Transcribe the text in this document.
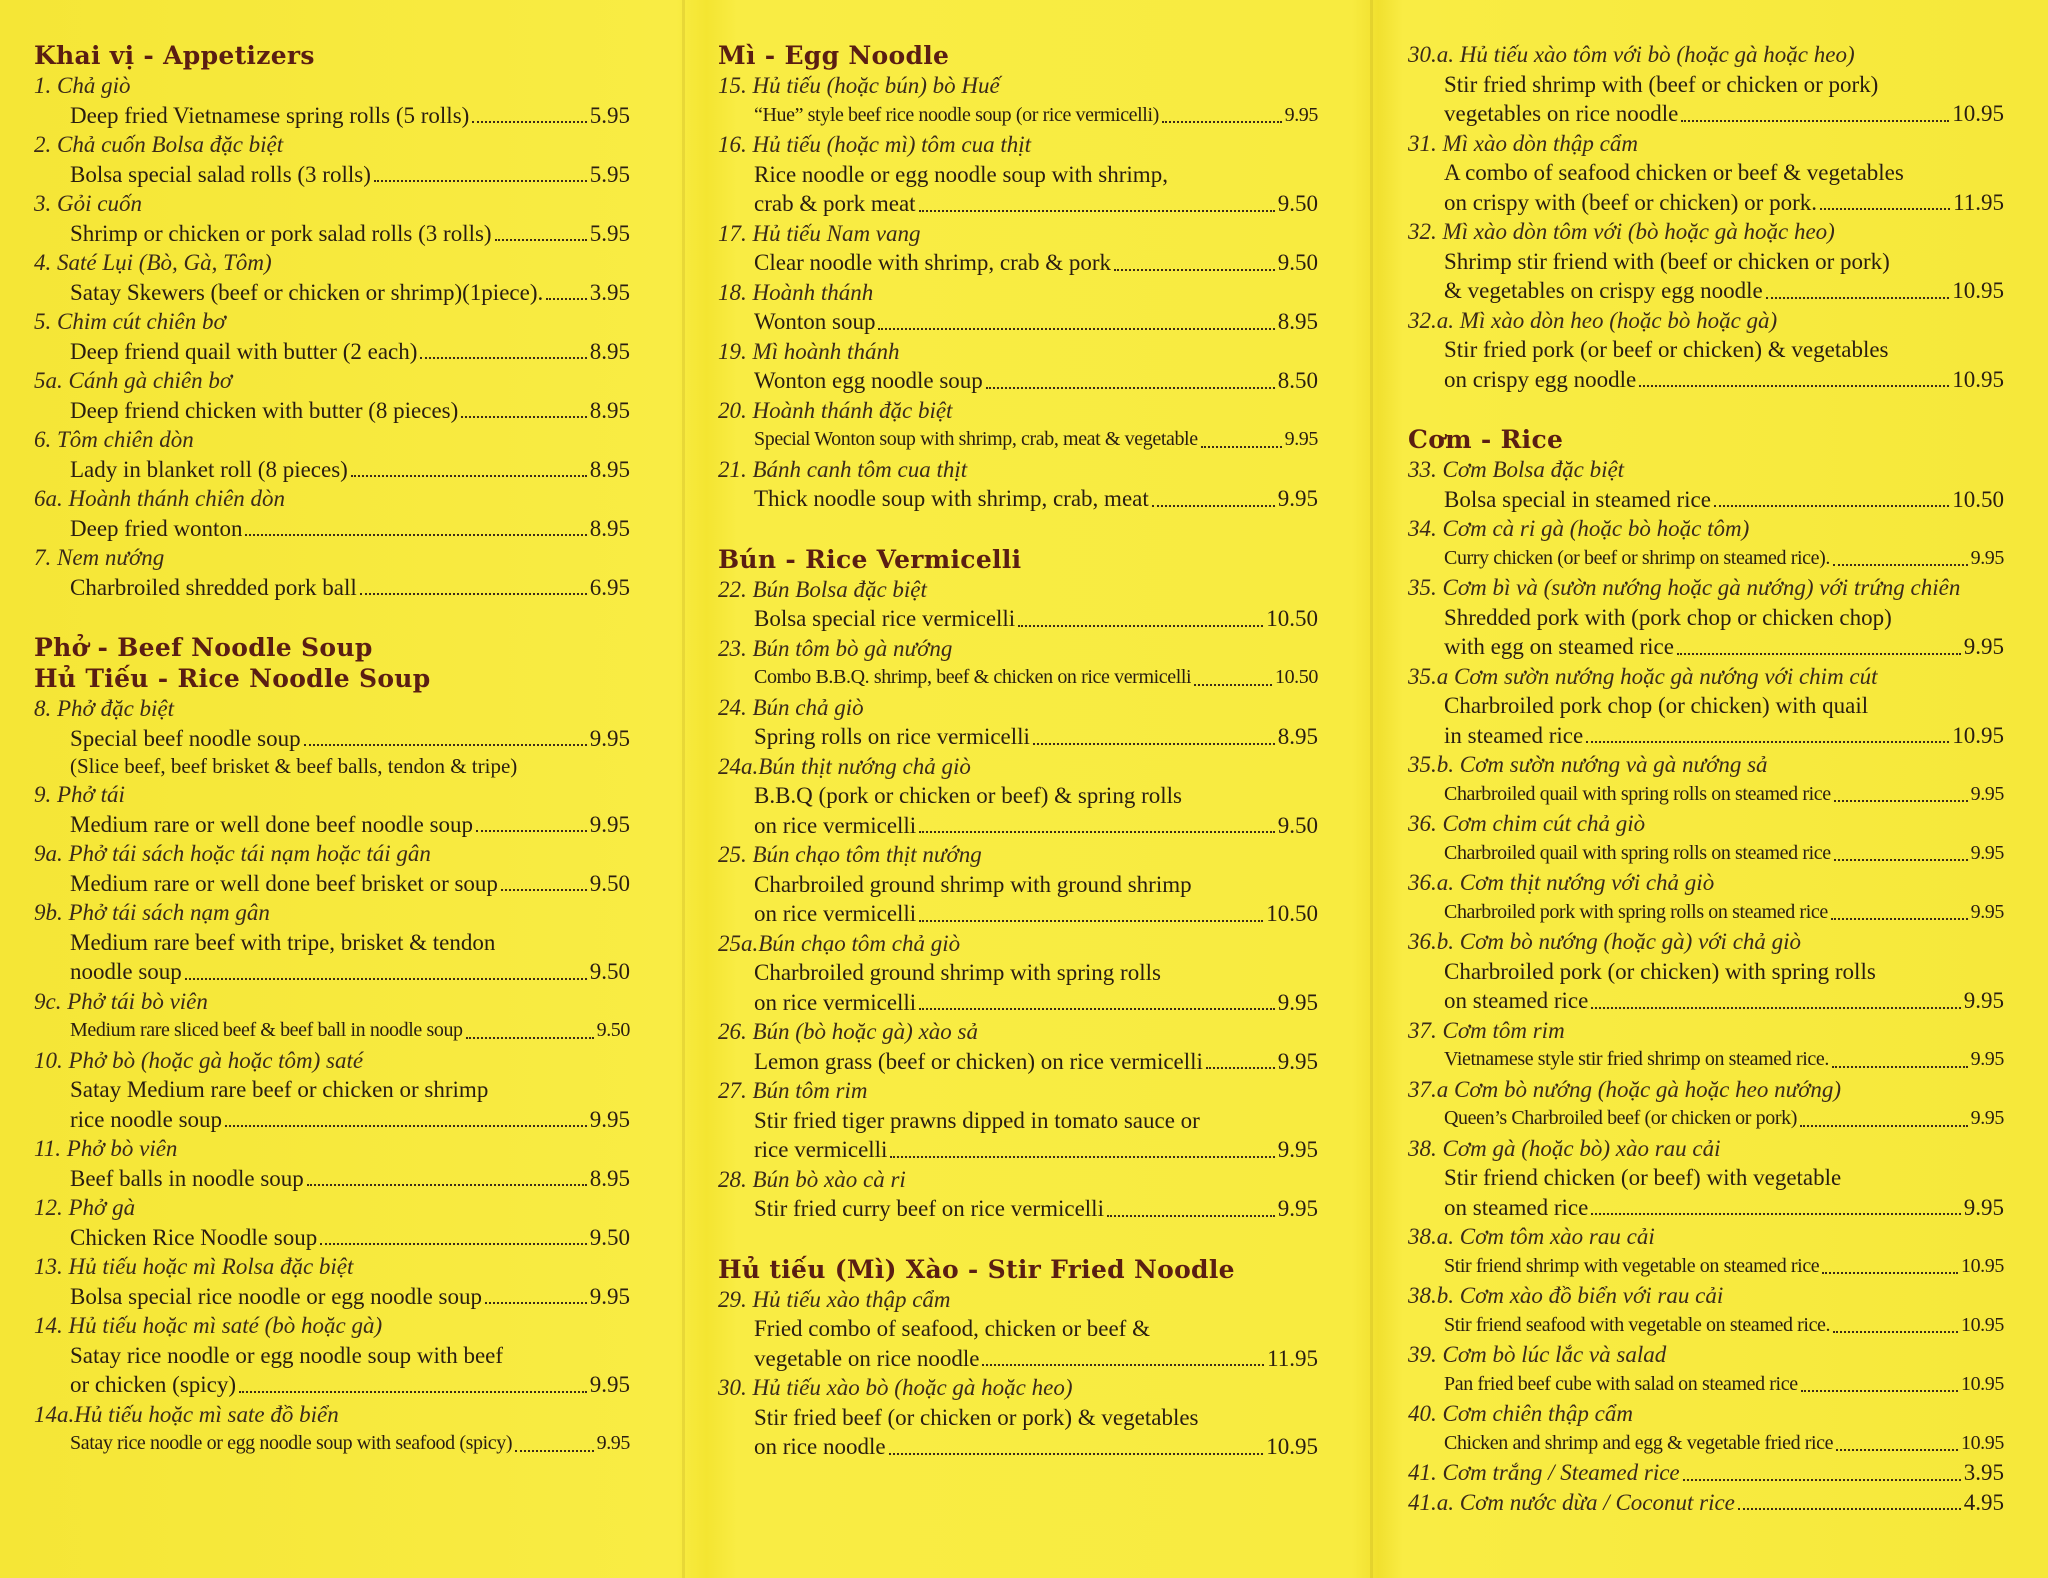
Khai vị - Appetizers
1. Chả giò
Deep fried Vietnamese spring rolls (5 rolls)	5.95
2. Chả cuốn Bolsa đặc biệt
Bolsa special salad rolls (3 rolls)	5.95
3. Gỏi cuốn
Shrimp or chicken or pork salad rolls (3 rolls)	5.95
4. Saté Lụi (Bò, Gà, Tôm)
Satay Skewers (beef or chicken or shrimp)(1piece). 3.95
5. Chim cút chiên bơ
Deep friend quail with butter (2 each)	8.95
5a. Cánh gà chiên bơ
Deep friend chicken with butter (8 pieces)	8.95
6. Tôm chiên dòn
Lady in blanket roll (8 pieces)	8.95
6a. Hoành thánh chiên dòn
Deep fried wonton	8.95
7. Nem nướng
Charbroiled shredded pork ball	6.95
Phở - Beef Noodle Soup
Hủ Tiếu - Rice Noodle Soup
8. Phở đặc biệt
Special beef noodle soup	9.95
(Slice beef, beef brisket & beef balls, tendon & tripe)
9. Phở tái
Medium rare or well done beef noodle soup	9.95
9a. Phở tái sách hoặc tái nạm hoặc tái gân
Medium rare or well done beef brisket or soup	9.50
9b. Phở tái sách nạm gân
Medium rare beef with tripe, brisket & tendon
noodle soup	9.50
9c. Phở tái bò viên
Medium rare sliced beef & beef ball in noodle soup	9.50
10. Phở bò (hoặc gà hoặc tôm) saté
Satay Medium rare beef or chicken or shrimp
rice noodle soup	9.95
11. Phở bò viên
Beef balls in noodle soup	8.95
12. Phở gà
Chicken Rice Noodle soup	9.50
13. Hủ tiếu hoặc mì Rolsa đặc biệt
Bolsa special rice noodle or egg noodle soup	9.95
14. Hủ tiếu hoặc mì saté (bò hoặc gà)
Satay rice noodle or egg noodle soup with beef
or chicken (spicy)	9.95
14a.Hủ tiếu hoặc mì sate đồ biển
Satay rice noodle or egg noodle soup with seafood (spicy)	9.95
Mì - Egg Noodle
15. Hủ tiếu (hoặc bún) bò Huế
“Hue” style beef rice noodle soup (or rice vermicelli)	9.95
16. Hủ tiếu (hoặc mì) tôm cua thịt
Rice noodle or egg noodle soup with shrimp,
crab & pork meat	9.50
17. Hủ tiếu Nam vang
Clear noodle with shrimp, crab & pork	9.50
18. Hoành thánh
Wonton soup	8.95
19. Mì hoành thánh
Wonton egg noodle soup	8.50
20. Hoành thánh đặc biệt
Special Wonton soup with shrimp, crab, meat & vegetable	9.95
21. Bánh canh tôm cua thịt
Thick noodle soup with shrimp, crab, meat	9.95
Bún - Rice Vermicelli
22. Bún Bolsa đặc biệt
Bolsa special rice vermicelli	10.50
23. Bún tôm bò gà nướng
Combo B.B.Q. shrimp, beef & chicken on rice vermicelli	10.50
24. Bún chả giò
Spring rolls on rice vermicelli	8.95
24a.Bún thịt nướng chả giò
B.B.Q (pork or chicken or beef) & spring rolls
on rice vermicelli	9.50
25. Bún chạo tôm thịt nướng
Charbroiled ground shrimp with ground shrimp
on rice vermicelli	10.50
25a.Bún chạo tôm chả giò
Charbroiled ground shrimp with spring rolls
on rice vermicelli	9.95
26. Bún (bò hoặc gà) xào sả
Lemon grass (beef or chicken) on rice vermicelli	9.95
27. Bún tôm rim
Stir fried tiger prawns dipped in tomato sauce or
rice vermicelli	9.95
28. Bún bò xào cà ri
Stir fried curry beef on rice vermicelli	9.95
Hủ tiếu (Mì) Xào - Stir Fried Noodle
29. Hủ tiếu xào thập cẩm
Fried combo of seafood, chicken or beef &
vegetable on rice noodle	11.95
30. Hủ tiếu xào bò (hoặc gà hoặc heo)
Stir fried beef (or chicken or pork) & vegetables
on rice noodle	10.95
30.a. Hủ tiếu xào tôm với bò (hoặc gà hoặc heo)
Stir fried shrimp with (beef or chicken or pork)
vegetables on rice noodle	10.95
31. Mì xào dòn thập cẩm
A combo of seafood chicken or beef & vegetables
on crispy with (beef or chicken) or pork.	11.95
32. Mì xào dòn tôm với (bò hoặc gà hoặc heo)
Shrimp stir friend with (beef or chicken or pork)
& vegetables on crispy egg noodle	10.95
32.a. Mì xào dòn heo (hoặc bò hoặc gà)
Stir fried pork (or beef or chicken) & vegetables
on crispy egg noodle	10.95
Cơm - Rice
33. Cơm Bolsa đặc biệt
Bolsa special in steamed rice	10.50
34. Cơm cà ri gà (hoặc bò hoặc tôm)
Curry chicken (or beef or shrimp on steamed rice).	9.95
35. Cơm bì và (sườn nướng hoặc gà nướng) với trứng chiên
Shredded pork with (pork chop or chicken chop)
with egg on steamed rice	9.95
35.a Cơm sườn nướng hoặc gà nướng với chim cút
Charbroiled pork chop (or chicken) with quail
in steamed rice	10.95
35.b. Cơm sườn nướng và gà nướng sả
Charbroiled quail with spring rolls on steamed rice	9.95
36. Cơm chim cút chả giò
Charbroiled quail with spring rolls on steamed rice	9.95
36.a. Cơm thịt nướng với chả giò
Charbroiled pork with spring rolls on steamed rice	9.95
36.b. Cơm bò nướng (hoặc gà) với chả giò
Charbroiled pork (or chicken) with spring rolls
on steamed rice	9.95
37. Cơm tôm rim
Vietnamese style stir fried shrimp on steamed rice.	9.95
37.a Cơm bò nướng (hoặc gà hoặc heo nướng)
Queen’s Charbroiled beef (or chicken or pork)	9.95
38. Cơm gà (hoặc bò) xào rau cải
Stir friend chicken (or beef) with vegetable
on steamed rice	9.95
38.a. Cơm tôm xào rau cải
Stir friend shrimp with vegetable on steamed rice	10.95
38.b. Cơm xào đồ biển với rau cải
Stir friend seafood with vegetable on steamed rice.	10.95
39. Cơm bò lúc lắc và salad
Pan fried beef cube with salad on steamed rice	10.95
40. Cơm chiên thập cẩm
Chicken and shrimp and egg & vegetable fried rice	10.95
41. Cơm trắng / Steamed rice	3.95
41.a. Cơm nước dừa / Coconut rice	4.95
